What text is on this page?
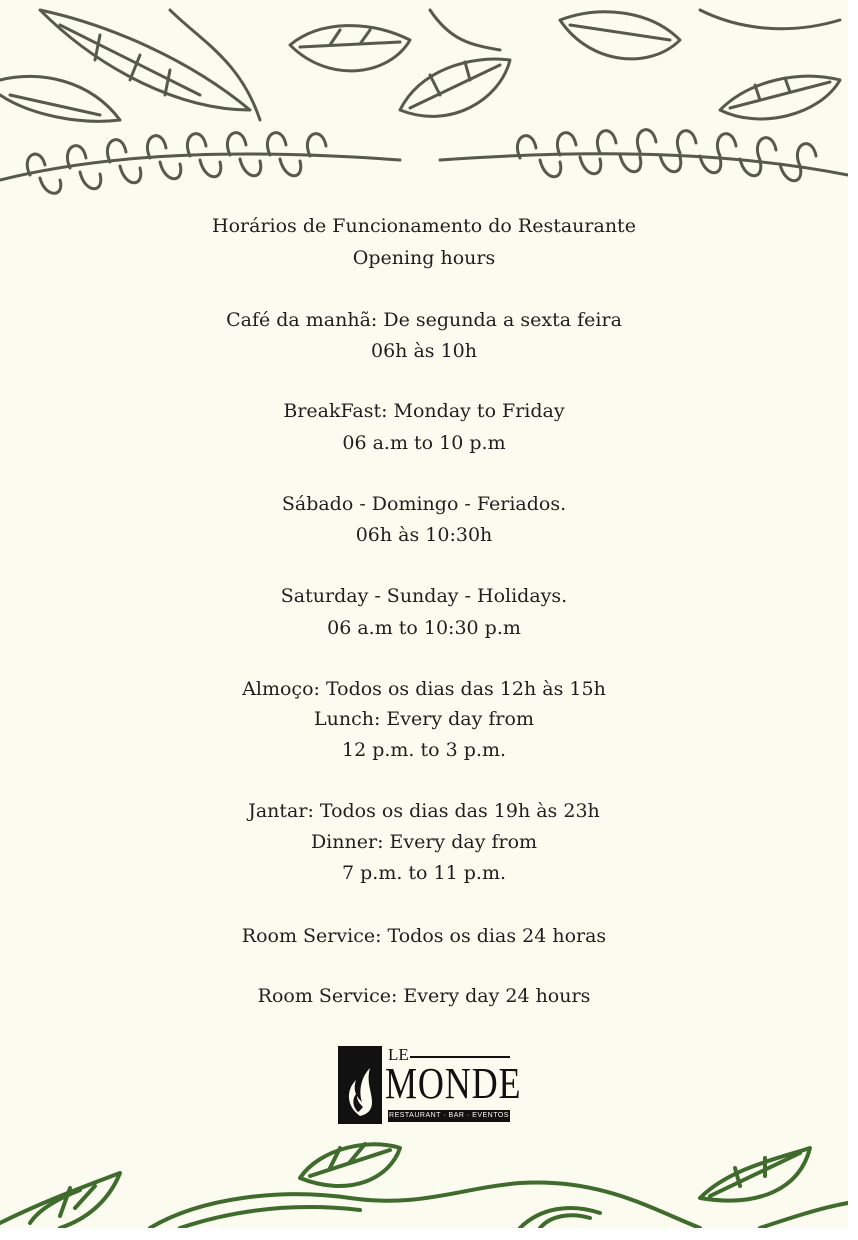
Horários de Funcionamento do Restaurante
Opening hours
Café da manhã: De segunda a sexta feira
06h às 10h
BreakFast: Monday to Friday
06 a.m to 10 p.m
Sábado - Domingo - Feriados.
06h às 10:30h
Saturday - Sunday - Holidays.
06 a.m to 10:30 p.m
Almoço: Todos os dias das 12h às 15h
Lunch: Every day from
12 p.m. to 3 p.m.
Jantar: Todos os dias das 19h às 23h
Dinner: Every day from
7 p.m. to 11 p.m.
Room Service: Todos os dias 24 horas
Room Service: Every day 24 hours
LE
MONDE
RESTAURANT · BAR · EVENTOS
